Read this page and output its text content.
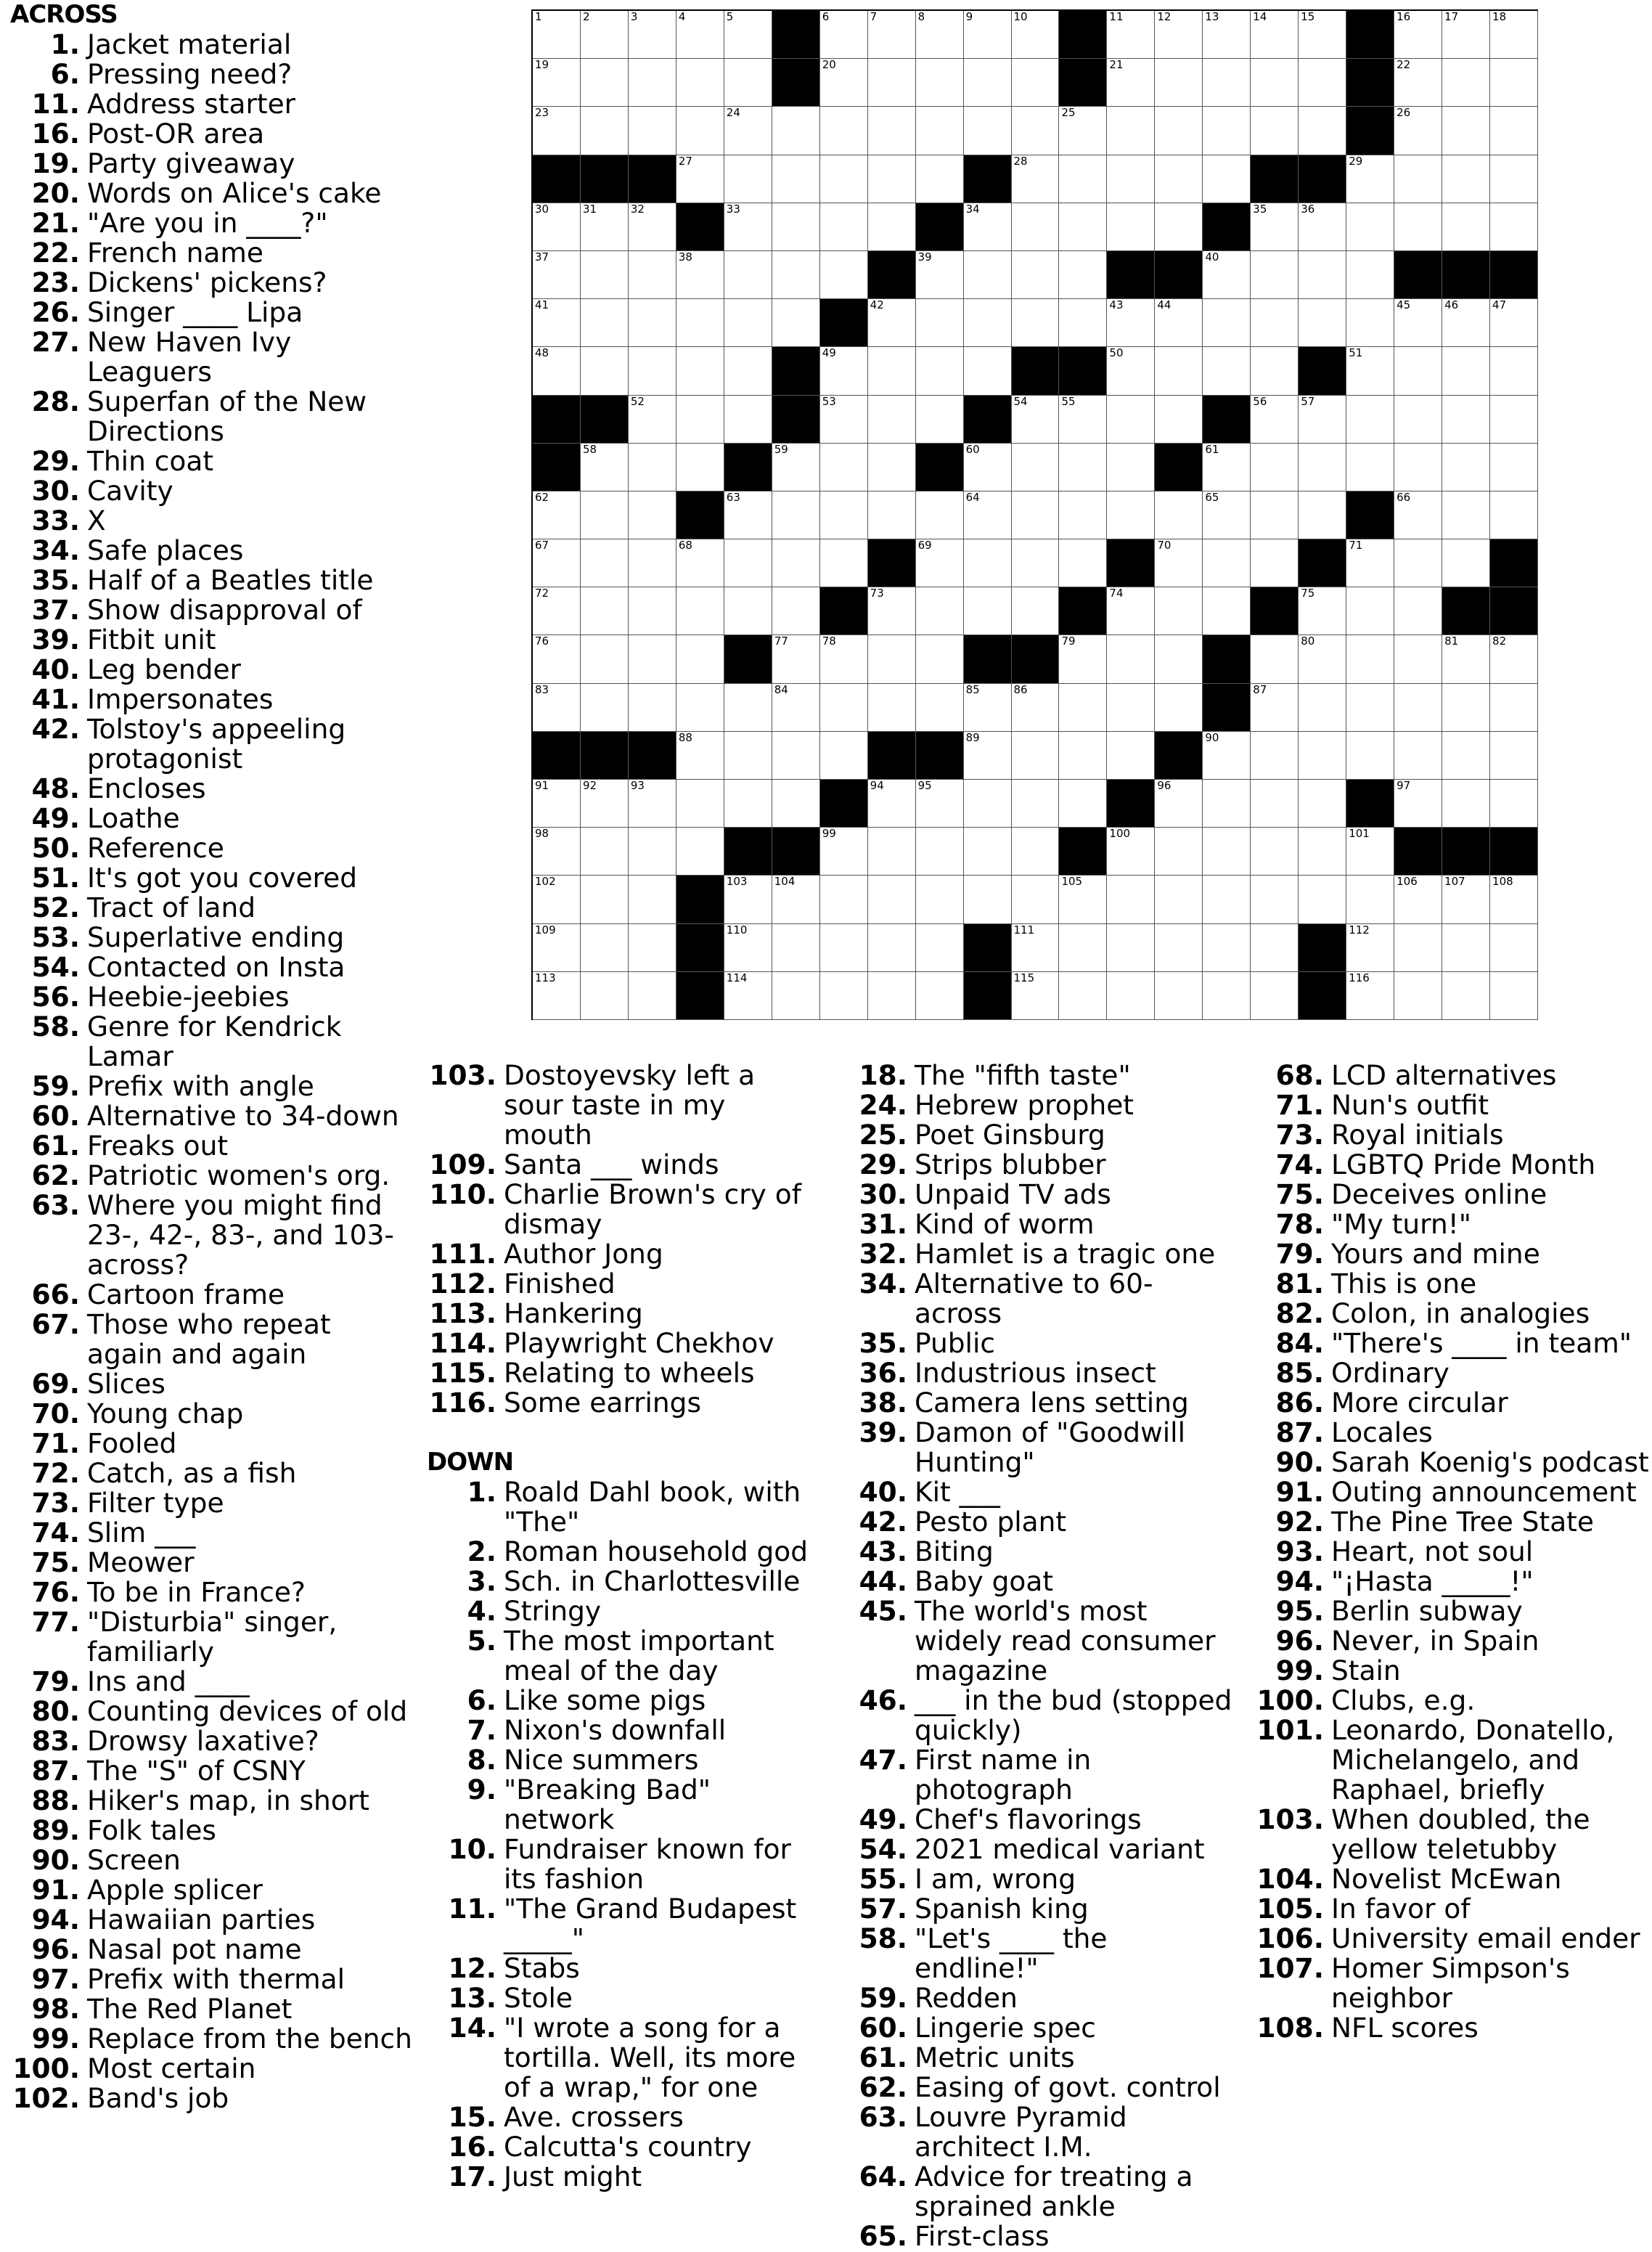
1	2	3	4	5	6	7	8	9	10	11	12	13	14	15	16	17	18
19	20	21	22
23	24	25	26
27	28	29
30	31	32	33	34	35	36
37	38	39	40
41	42	43	44	45	46	47
48	49	50	51
52	53	54	55	56	57
58	59	60	61
62	63	64	65	66
67	68	69	70	71
72	73	74	75
76	77	78	79	80	81	82
83	84	85	86	87
88	89	90
91	92	93	94	95	96	97
98	99	100	101
102	103 104	105	106 107 108
109	110	111	112
113	114	115	116
ACROSS
1. Jacket material
6. Pressing need?
11. Address starter
16. Post-OR area
19. Party giveaway
20. Words on Alice's cake
21. "Are you in ____?"
22. French name
23. Dickens' pickens?
26. Singer ____ Lipa
27. New Haven Ivy Leaguers
28. Superfan of the New Directions
29. Thin coat
30. Cavity
33. X
34. Safe places
35. Half of a Beatles title
37. Show disapproval of
39. Fitbit unit
40. Leg bender
41. Impersonates
42. Tolstoy's appeeling protagonist
48. Encloses
49. Loathe
50. Reference
51. It's got you covered
52. Tract of land
53. Superlative ending
54. Contacted on Insta
56. Heebie-jeebies
58. Genre for Kendrick Lamar
59. Prefix with angle
60. Alternative to 34-down
61. Freaks out
62. Patriotic women's org.
63. Where you might find 23-, 42-, 83-, and 103-across?
66. Cartoon frame
67. Those who repeat again and again
69. Slices
70. Young chap
71. Fooled
72. Catch, as a fish
73. Filter type
74. Slim ___
75. Meower
76. To be in France?
77. "Disturbia" singer, familiarly
79. Ins and ____
80. Counting devices of old
83. Drowsy laxative?
87. The "S" of CSNY
88. Hiker's map, in short
89. Folk tales
90. Screen
91. Apple splicer
94. Hawaiian parties
96. Nasal pot name
97. Prefix with thermal
98. The Red Planet
99. Replace from the bench
100. Most certain
102. Band's job
103. Dostoyevsky left a sour taste in my mouth
109. Santa ___ winds
110. Charlie Brown's cry of dismay
111. Author Jong
112. Finished
113. Hankering
114. Playwright Chekhov
115. Relating to wheels
116. Some earrings
DOWN
1. Roald Dahl book, with "The"
2. Roman household god
3. Sch. in Charlottesville
4. Stringy
5. The most important meal of the day
6. Like some pigs
7. Nixon's downfall
8. Nice summers
9. "Breaking Bad" network
10. Fundraiser known for its fashion
11. "The Grand Budapest _____"
12. Stabs
13. Stole
14. "I wrote a song for a tortilla. Well, its more of a wrap," for one
15. Ave. crossers
16. Calcutta's country
17. Just might
18. The "fifth taste"
24. Hebrew prophet
25. Poet Ginsburg
29. Strips blubber
30. Unpaid TV ads
31. Kind of worm
32. Hamlet is a tragic one
34. Alternative to 60-across
35. Public
36. Industrious insect
38. Camera lens setting
39. Damon of "Goodwill Hunting"
40. Kit ___
42. Pesto plant
43. Biting
44. Baby goat
45. The world's most widely read consumer magazine
46. ___ in the bud (stopped quickly)
47. First name in photograph
49. Chef's flavorings
54. 2021 medical variant
55. I am, wrong
57. Spanish king
58. "Let's ____ the endline!"
59. Redden
60. Lingerie spec
61. Metric units
62. Easing of govt. control
63. Louvre Pyramid architect I.M.
64. Advice for treating a sprained ankle
65. First-class
68. LCD alternatives
71. Nun's outfit
73. Royal initials
74. LGBTQ Pride Month
75. Deceives online
78. "My turn!"
79. Yours and mine
81. This is one
82. Colon, in analogies
84. "There's ____ in team"
85. Ordinary
86. More circular
87. Locales
90. Sarah Koenig's podcast
91. Outing announcement
92. The Pine Tree State
93. Heart, not soul
94. "¡Hasta _____!"
95. Berlin subway
96. Never, in Spain
99. Stain
100. Clubs, e.g.
101. Leonardo, Donatello, Michelangelo, and Raphael, briefly
103. When doubled, the yellow teletubby
104. Novelist McEwan
105. In favor of
106. University email ender
107. Homer Simpson's neighbor
108. NFL scores
